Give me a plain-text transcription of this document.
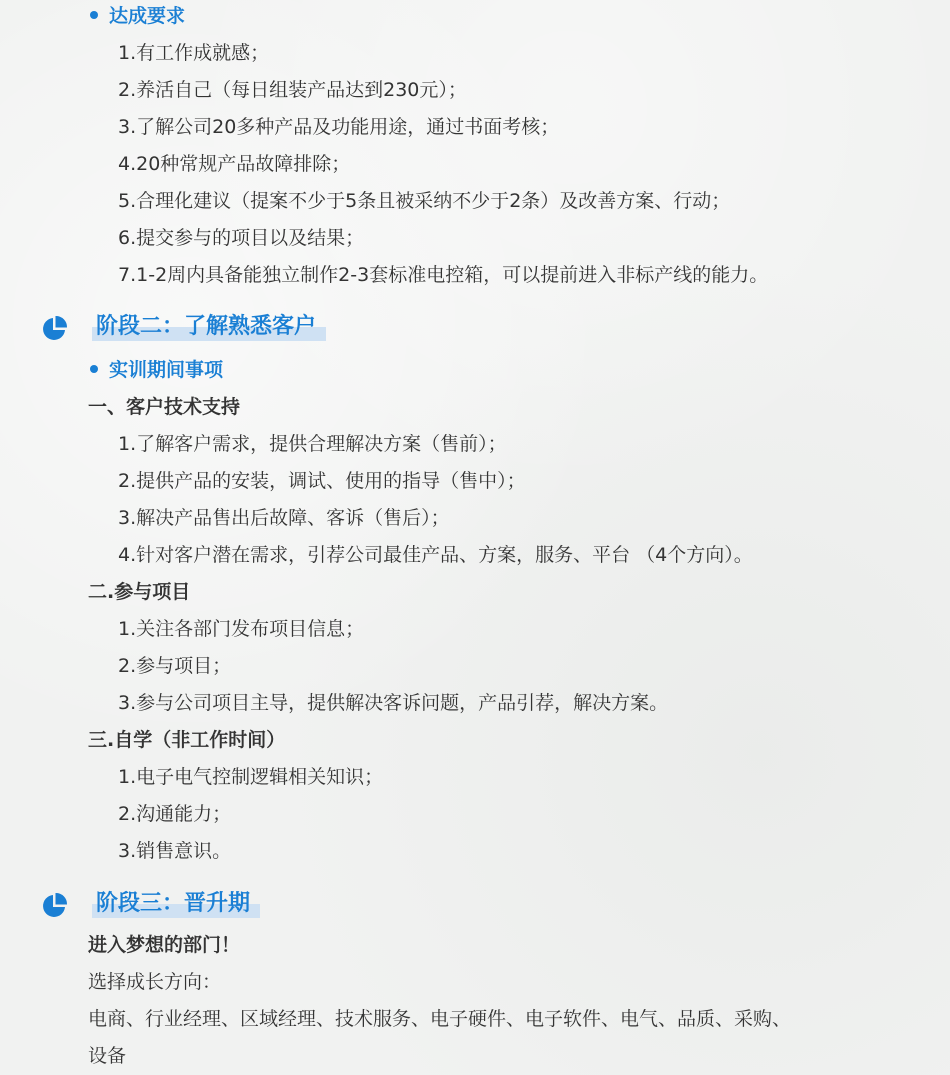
达成要求
1.有工作成就感；
2.养活自己（每日组装产品达到230元）；
3.了解公司20多种产品及功能用途，通过书面考核；
4.20种常规产品故障排除；
5.合理化建议（提案不少于5条且被采纳不少于2条）及改善方案、行动；
6.提交参与的项目以及结果；
7.1-2周内具备能独立制作2-3套标准电控箱，可以提前进入非标产线的能力。
阶段二：了解熟悉客户
实训期间事项
一、客户技术支持
1.了解客户需求，提供合理解决方案（售前）；
2.提供产品的安装，调试、使用的指导（售中）；
3.解决产品售出后故障、客诉（售后）；
4.针对客户潜在需求，引荐公司最佳产品、方案，服务、平台 （4个方向）。
二.参与项目
1.关注各部门发布项目信息；
2.参与项目；
3.参与公司项目主导，提供解决客诉问题，产品引荐，解决方案。
三.自学（非工作时间）
1.电子电气控制逻辑相关知识；
2.沟通能力；
3.销售意识。
阶段三：晋升期
进入梦想的部门！
选择成长方向：
电商、行业经理、区域经理、技术服务、电子硬件、电子软件、电气、品质、采购、
设备
